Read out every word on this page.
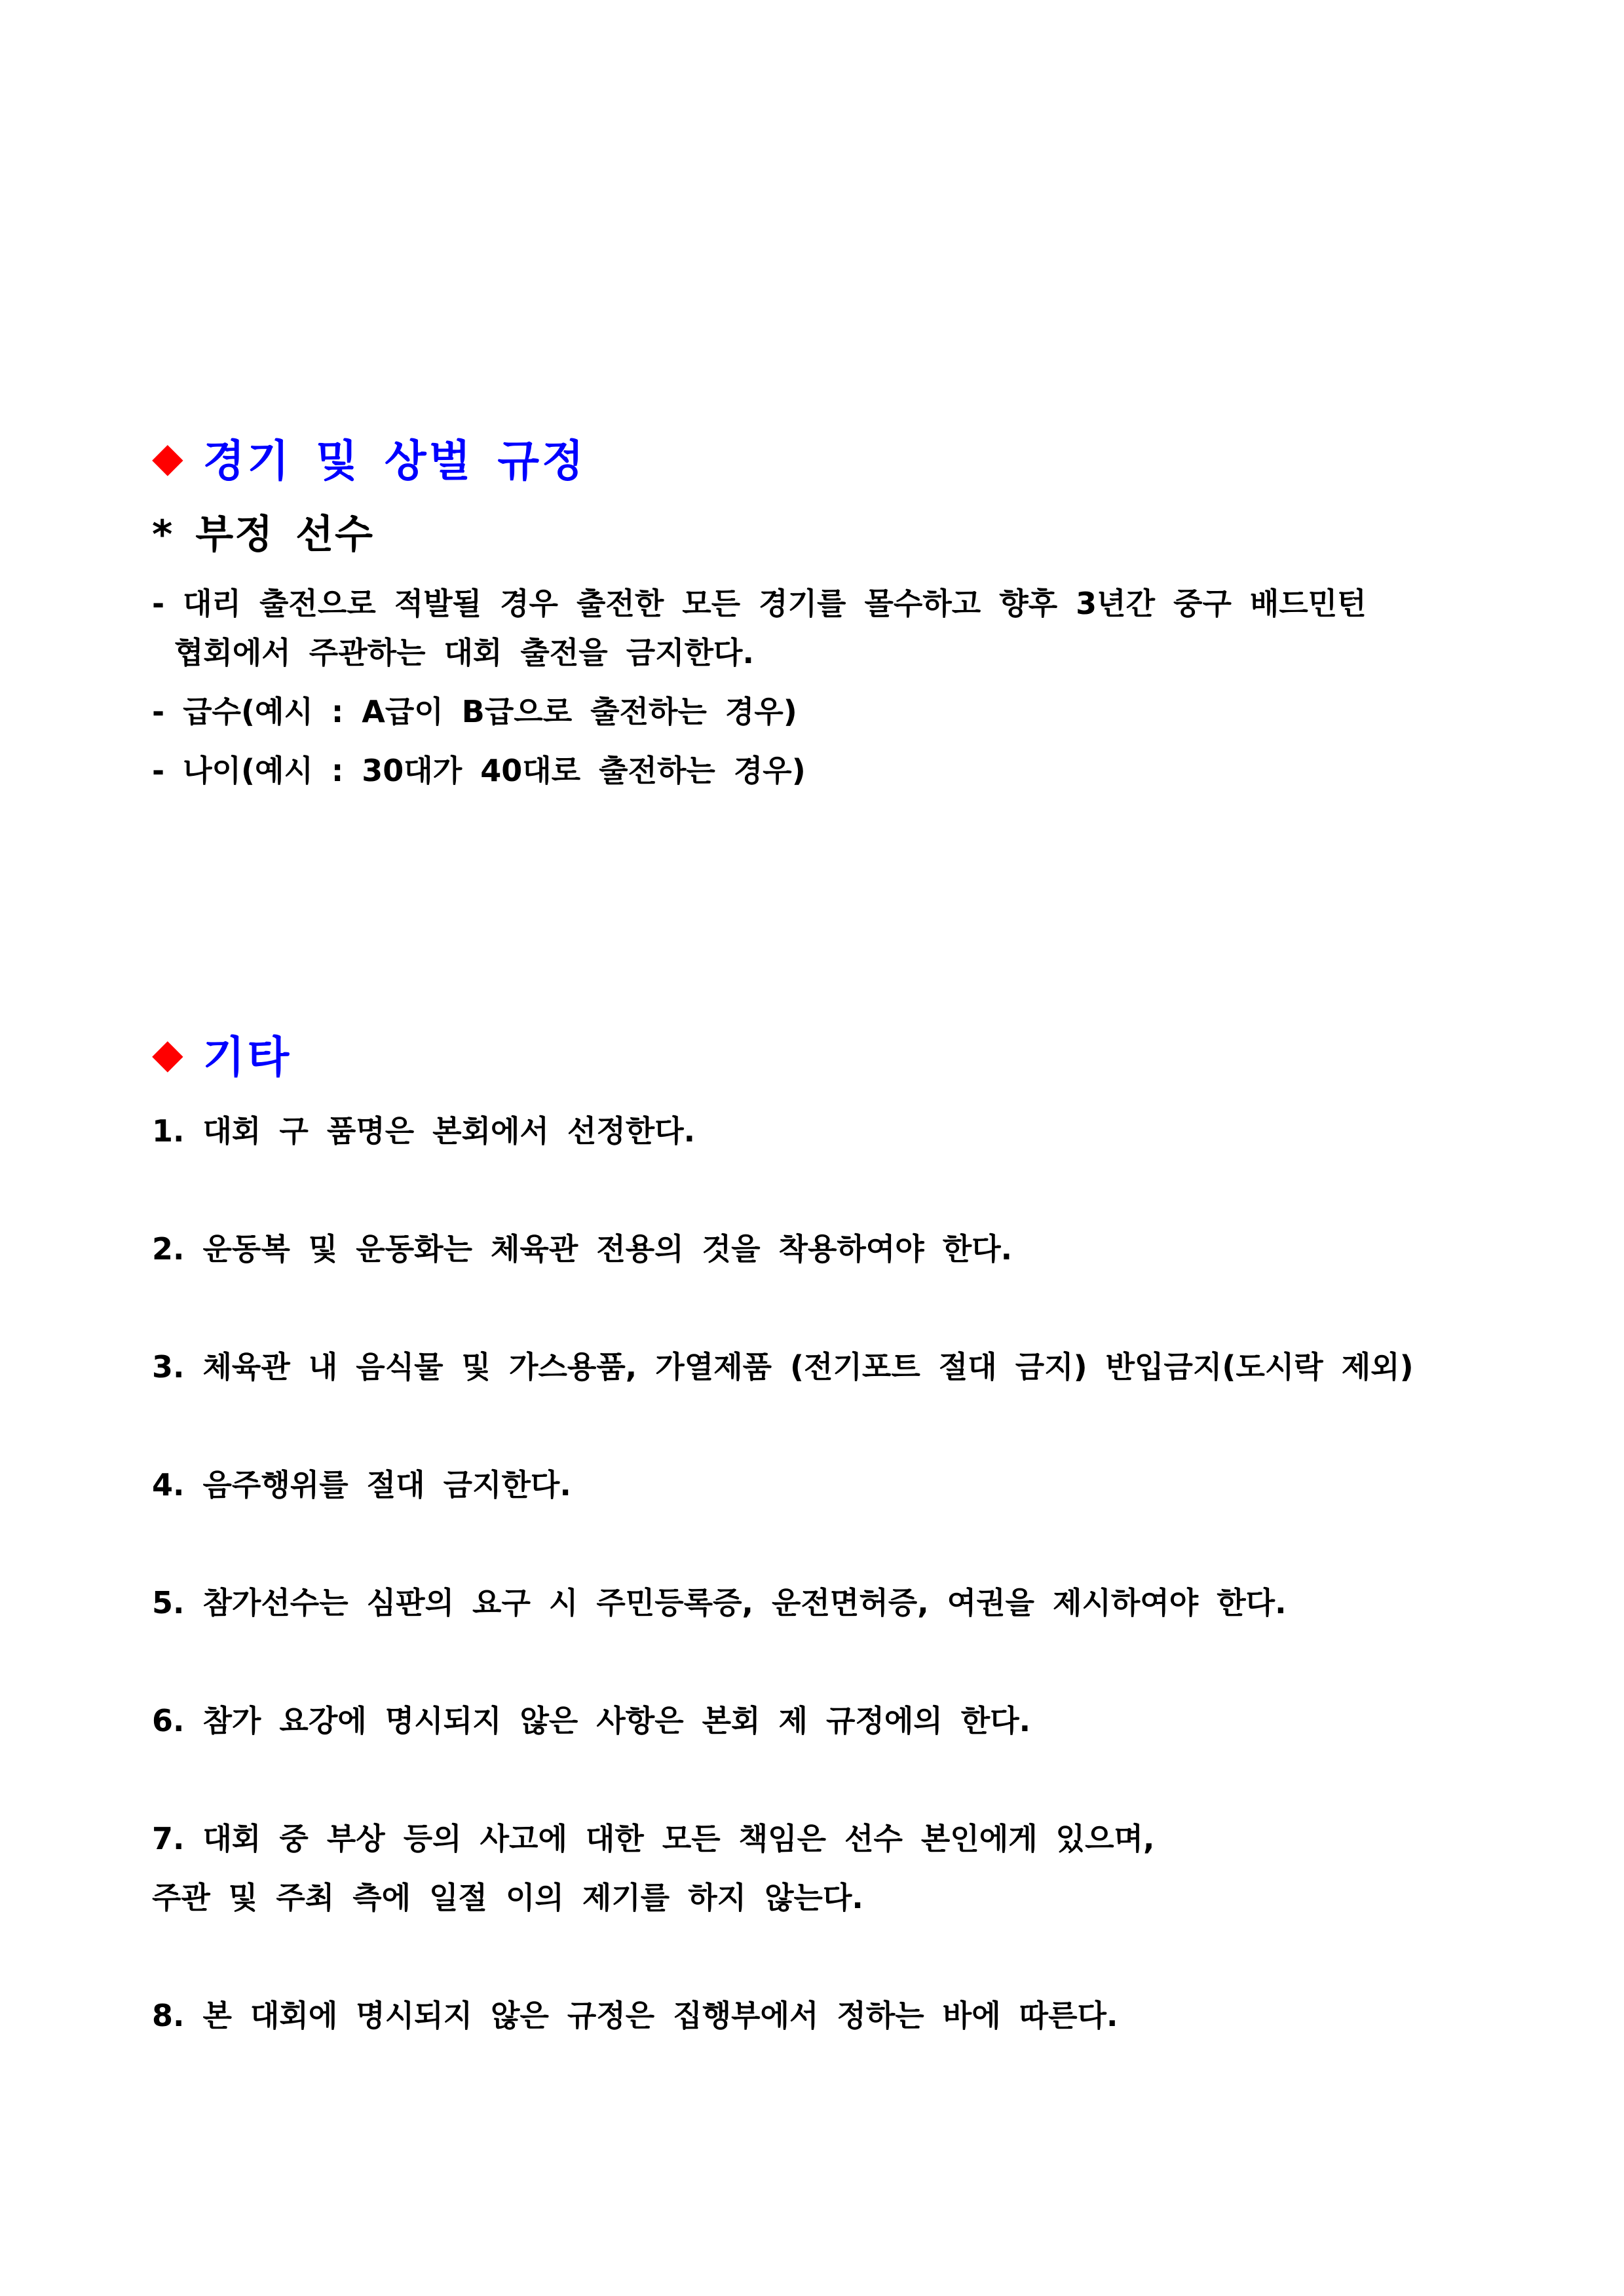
◆ 경기 및 상벌 규정
* 부정 선수
- 대리 출전으로 적발될 경우 출전한 모든 경기를 몰수하고 향후 3년간 중구 배드민턴
협회에서 주관하는 대회 출전을 금지한다.
- 급수(예시 : A급이 B급으로 출전하는 경우)
- 나이(예시 : 30대가 40대로 출전하는 경우)
◆ 기타
1. 대회 구 품명은 본회에서 선정한다.
2. 운동복 및 운동화는 체육관 전용의 것을 착용하여야 한다.
3. 체육관 내 음식물 및 가스용품, 가열제품 (전기포트 절대 금지) 반입금지(도시락 제외)
4. 음주행위를 절대 금지한다.
5. 참가선수는 심판의 요구 시 주민등록증, 운전면허증, 여권을 제시하여야 한다.
6. 참가 요강에 명시되지 않은 사항은 본회 제 규정에의 한다.
7. 대회 중 부상 등의 사고에 대한 모든 책임은 선수 본인에게 있으며,
주관 및 주최 측에 일절 이의 제기를 하지 않는다.
8. 본 대회에 명시되지 않은 규정은 집행부에서 정하는 바에 따른다.
